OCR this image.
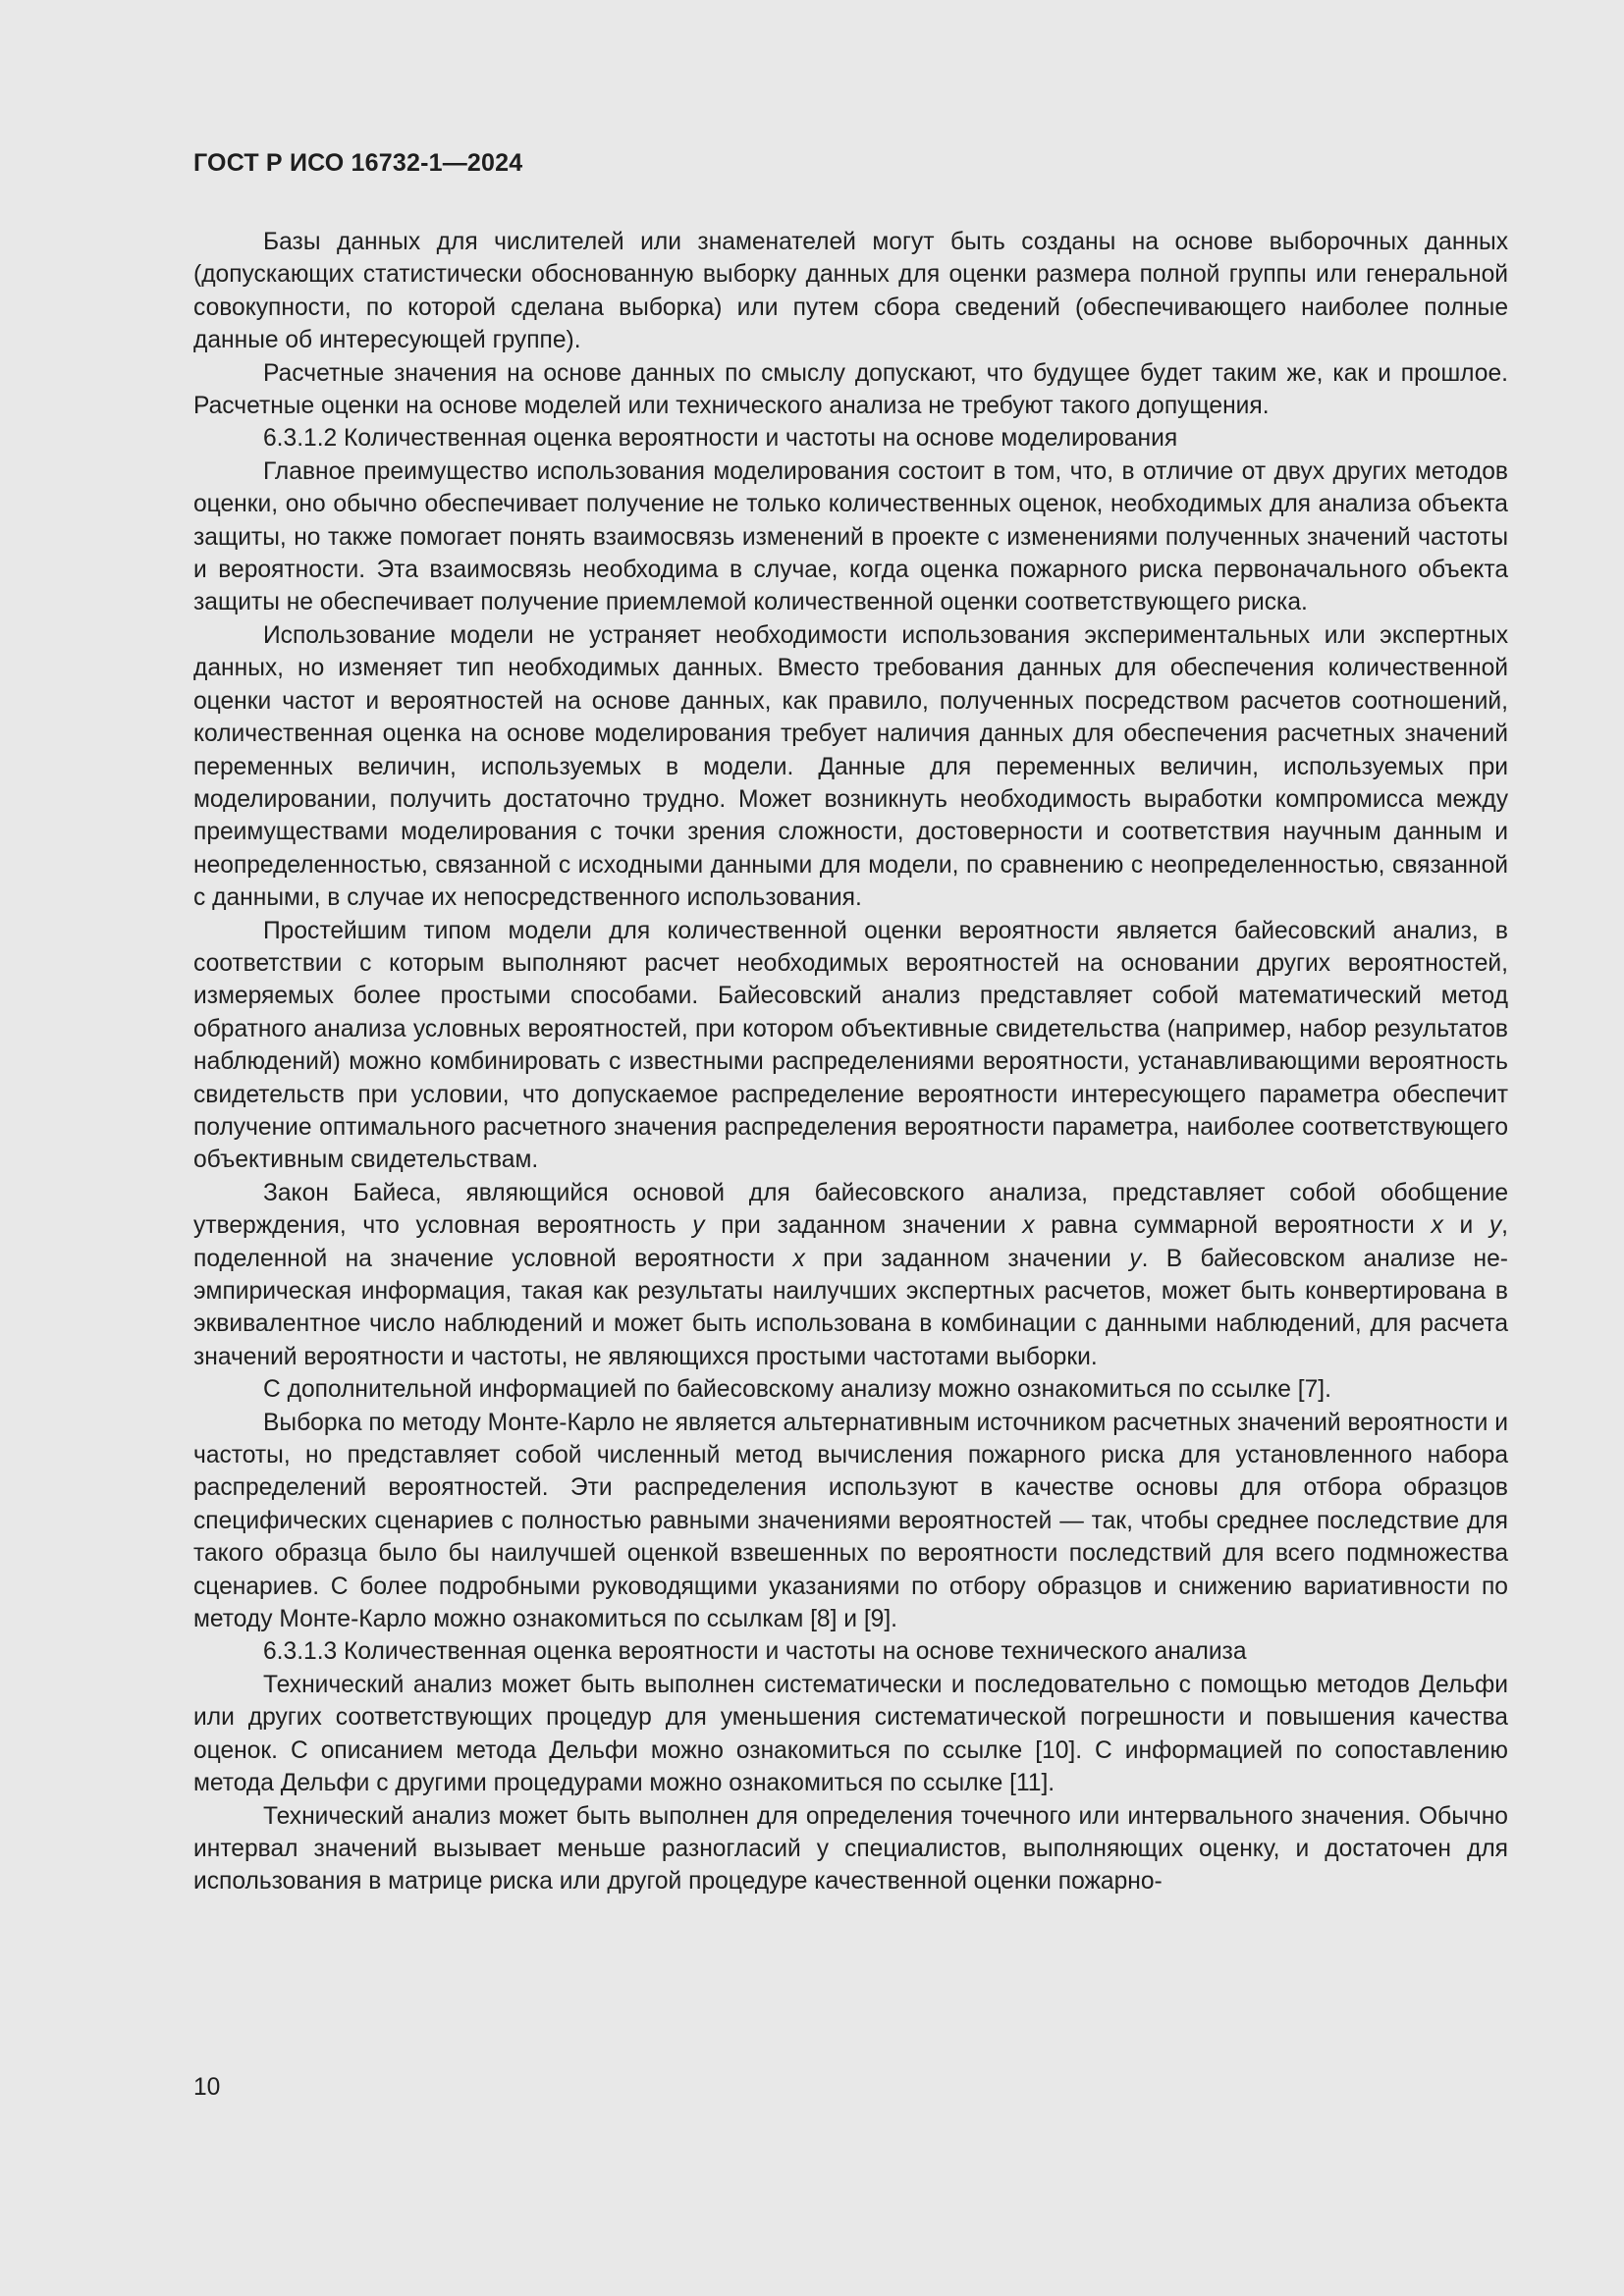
ГОСТ Р ИСО 16732-1—2024

Базы данных для числителей или знаменателей могут быть созданы на основе выборочных данных (допускающих статистически обоснованную выборку данных для оценки размера полной группы или генеральной совокупности, по которой сделана выборка) или путем сбора сведений (обеспечивающего наиболее полные данные об интересующей группе).

Расчетные значения на основе данных по смыслу допускают, что будущее будет таким же, как и прошлое. Расчетные оценки на основе моделей или технического анализа не требуют такого допущения.

6.3.1.2 Количественная оценка вероятности и частоты на основе моделирования

Главное преимущество использования моделирования состоит в том, что, в отличие от двух других методов оценки, оно обычно обеспечивает получение не только количественных оценок, необходимых для анализа объекта защиты, но также помогает понять взаимосвязь изменений в проекте с изменениями полученных значений частоты и вероятности. Эта взаимосвязь необходима в случае, когда оценка пожарного риска первоначального объекта защиты не обеспечивает получение приемлемой количественной оценки соответствующего риска.

Использование модели не устраняет необходимости использования экспериментальных или экспертных данных, но изменяет тип необходимых данных. Вместо требования данных для обеспечения количественной оценки частот и вероятностей на основе данных, как правило, полученных посредством расчетов соотношений, количественная оценка на основе моделирования требует наличия данных для обеспечения расчетных значений переменных величин, используемых в модели. Данные для переменных величин, используемых при моделировании, получить достаточно трудно. Может возникнуть необходимость выработки компромисса между преимуществами моделирования с точки зрения сложности, достоверности и соответствия научным данным и неопределенностью, связанной с исходными данными для модели, по сравнению с неопределенностью, связанной с данными, в случае их непосредственного использования.

Простейшим типом модели для количественной оценки вероятности является байесовский анализ, в соответствии с которым выполняют расчет необходимых вероятностей на основании других вероятностей, измеряемых более простыми способами. Байесовский анализ представляет собой математический метод обратного анализа условных вероятностей, при котором объективные свидетельства (например, набор результатов наблюдений) можно комбинировать с известными распределениями вероятности, устанавливающими вероятность свидетельств при условии, что допускаемое распределение вероятности интересующего параметра обеспечит получение оптимального расчетного значения распределения вероятности параметра, наиболее соответствующего объективным свидетельствам.

Закон Байеса, являющийся основой для байесовского анализа, представляет собой обобщение утверждения, что условная вероятность y при заданном значении x равна суммарной вероятности x и y, поделенной на значение условной вероятности x при заданном значении y. В байесовском анализе неэмпирическая информация, такая как результаты наилучших экспертных расчетов, может быть конвертирована в эквивалентное число наблюдений и может быть использована в комбинации с данными наблюдений, для расчета значений вероятности и частоты, не являющихся простыми частотами выборки.

С дополнительной информацией по байесовскому анализу можно ознакомиться по ссылке [7].

Выборка по методу Монте-Карло не является альтернативным источником расчетных значений вероятности и частоты, но представляет собой численный метод вычисления пожарного риска для установленного набора распределений вероятностей. Эти распределения используют в качестве основы для отбора образцов специфических сценариев с полностью равными значениями вероятностей — так, чтобы среднее последствие для такого образца было бы наилучшей оценкой взвешенных по вероятности последствий для всего подмножества сценариев. С более подробными руководящими указаниями по отбору образцов и снижению вариативности по методу Монте-Карло можно ознакомиться по ссылкам [8] и [9].

6.3.1.3 Количественная оценка вероятности и частоты на основе технического анализа

Технический анализ может быть выполнен систематически и последовательно с помощью методов Дельфи или других соответствующих процедур для уменьшения систематической погрешности и повышения качества оценок. С описанием метода Дельфи можно ознакомиться по ссылке [10]. С информацией по сопоставлению метода Дельфи с другими процедурами можно ознакомиться по ссылке [11].

Технический анализ может быть выполнен для определения точечного или интервального значения. Обычно интервал значений вызывает меньше разногласий у специалистов, выполняющих оценку, и достаточен для использования в матрице риска или другой процедуре качественной оценки пожарно-

10
